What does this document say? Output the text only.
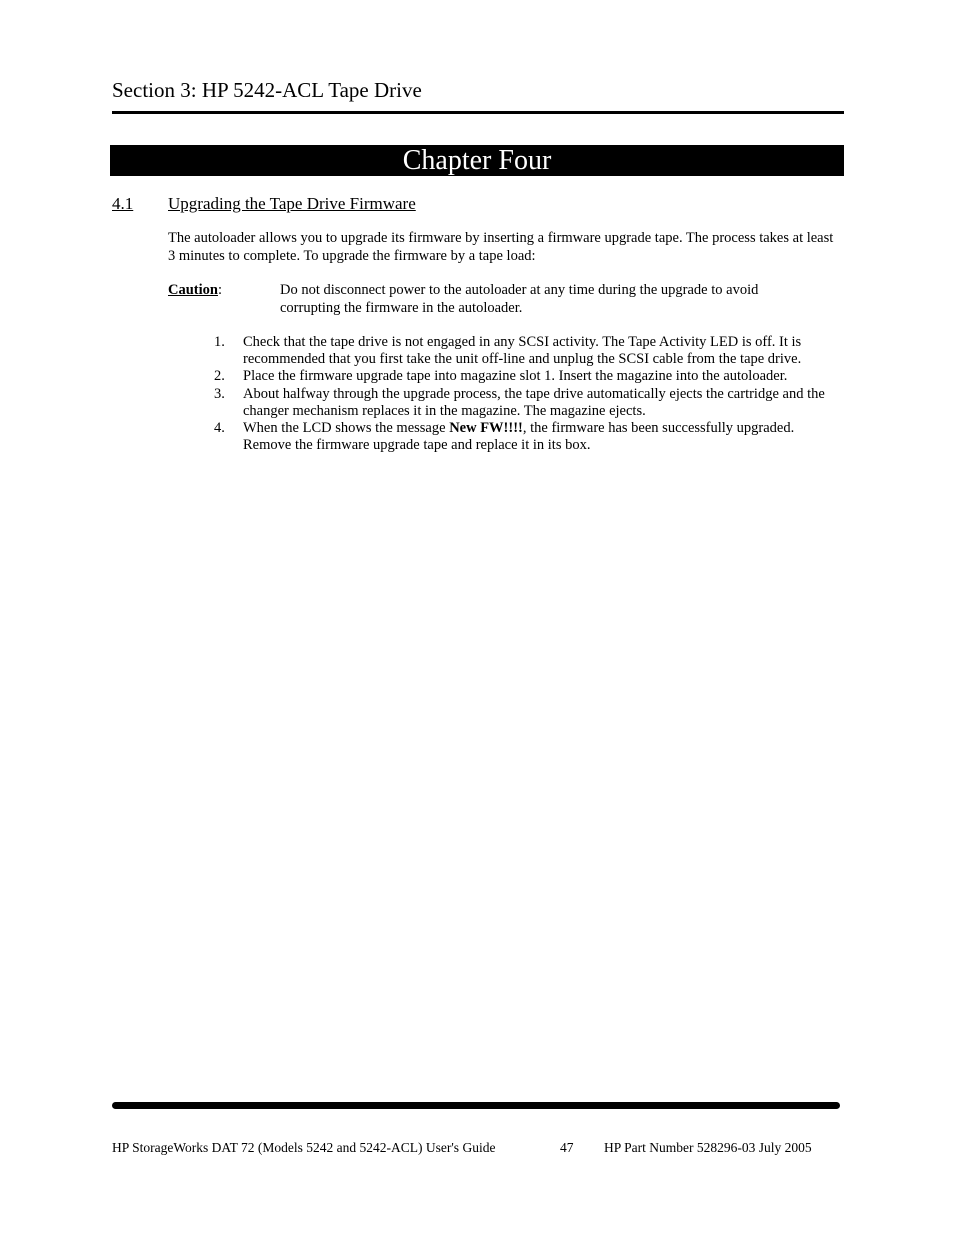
Section 3: HP 5242-ACL Tape Drive
Chapter Four
4.1 Upgrading the Tape Drive Firmware
The autoloader allows you to upgrade its firmware by inserting a firmware upgrade tape. The process takes at least 3 minutes to complete. To upgrade the firmware by a tape load:
Caution:	Do not disconnect power to the autoloader at any time during the upgrade to avoid corrupting the firmware in the autoloader.
1. Check that the tape drive is not engaged in any SCSI activity. The Tape Activity LED is off. It is recommended that you first take the unit off-line and unplug the SCSI cable from the tape drive.
2. Place the firmware upgrade tape into magazine slot 1. Insert the magazine into the autoloader.
3. About halfway through the upgrade process, the tape drive automatically ejects the cartridge and the changer mechanism replaces it in the magazine. The magazine ejects.
4. When the LCD shows the message New FW!!!!, the firmware has been successfully upgraded. Remove the firmware upgrade tape and replace it in its box.
HP StorageWorks DAT 72 (Models 5242 and 5242-ACL) User's Guide	47 HP Part Number 528296-03 July 2005
